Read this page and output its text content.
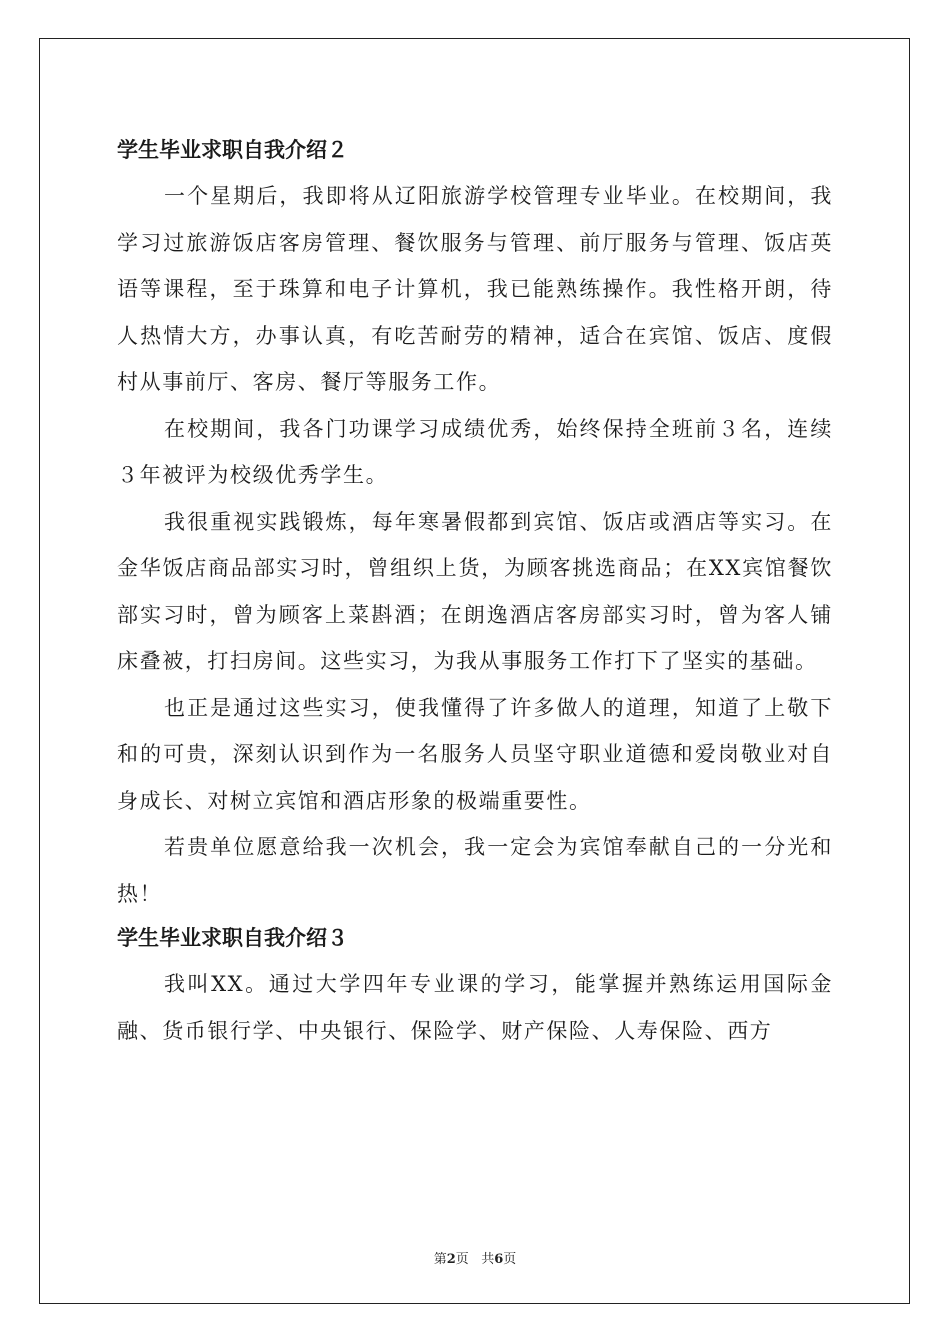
学生毕业求职自我介绍２

一个星期后，我即将从辽阳旅游学校管理专业毕业。在校期间，我学习过旅游饭店客房管理、餐饮服务与管理、前厅服务与管理、饭店英语等课程，至于珠算和电子计算机，我已能熟练操作。我性格开朗，待人热情大方，办事认真，有吃苦耐劳的精神，适合在宾馆、饭店、度假村从事前厅、客房、餐厅等服务工作。

在校期间，我各门功课学习成绩优秀，始终保持全班前３名，连续３年被评为校级优秀学生。

我很重视实践锻炼，每年寒暑假都到宾馆、饭店或酒店等实习。在金华饭店商品部实习时，曾组织上货，为顾客挑选商品；在XX宾馆餐饮部实习时，曾为顾客上菜斟酒；在朗逸酒店客房部实习时，曾为客人铺床叠被，打扫房间。这些实习，为我从事服务工作打下了坚实的基础。

也正是通过这些实习，使我懂得了许多做人的道理，知道了上敬下和的可贵，深刻认识到作为一名服务人员坚守职业道德和爱岗敬业对自身成长、对树立宾馆和酒店形象的极端重要性。

若贵单位愿意给我一次机会，我一定会为宾馆奉献自己的一分光和热！

学生毕业求职自我介绍３

我叫XX。通过大学四年专业课的学习，能掌握并熟练运用国际金融、货币银行学、中央银行、保险学、财产保险、人寿保险、西方

第2页 共6页
